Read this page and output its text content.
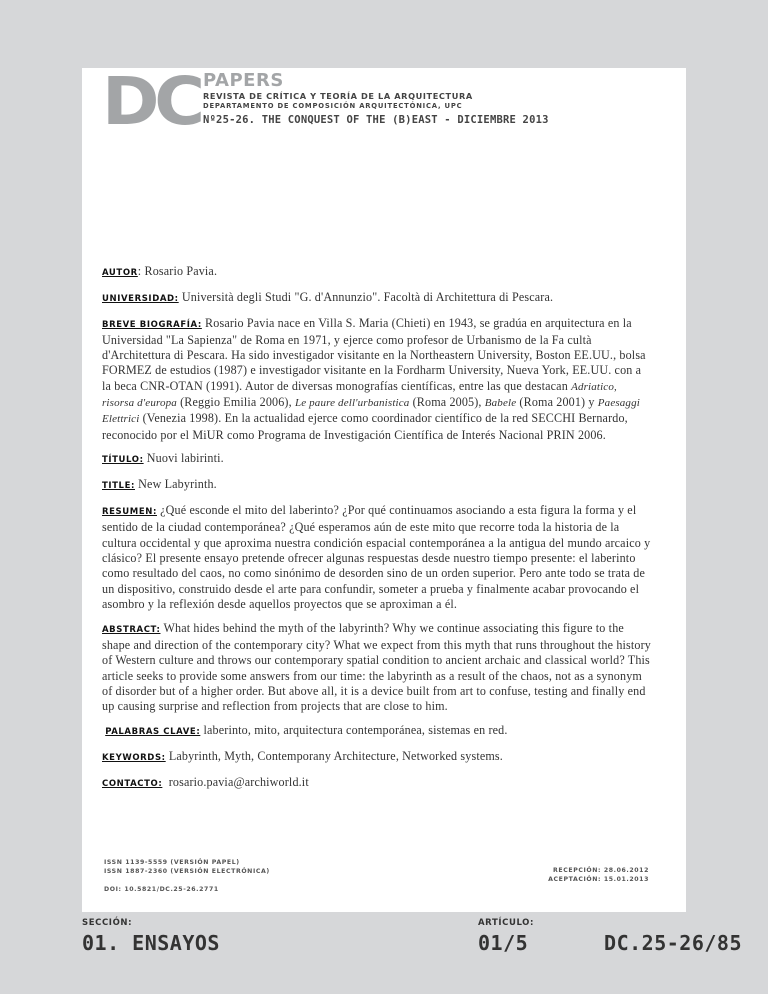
DC PAPERS
REVISTA DE CRÍTICA Y TEORÍA DE LA ARQUITECTURA
DEPARTAMENTO DE COMPOSICIÓN ARQUITECTÓNICA, UPC
Nº25-26. THE CONQUEST OF THE (B)EAST - DICIEMBRE 2013

AUTOR: Rosario Pavia.

UNIVERSIDAD: Università degli Studi "G. d'Annunzio". Facoltà di Architettura di Pescara.

BREVE BIOGRAFÍA: Rosario Pavia nace en Villa S. Maria (Chieti) en 1943, se gradúa en arquitectura en la Universidad "La Sapienza" de Roma en 1971, y ejerce como profesor de Urbanismo de la Fa cultà d'Architettura di Pescara. Ha sido investigador visitante en la Northeastern University, Boston EE.UU., bolsa FORMEZ de estudios (1987) e investigador visitante en la Fordharm University, Nueva York, EE.UU. con a la beca CNR-OTAN (1991). Autor de diversas monografías científicas, entre las que destacan Adriatico, risorsa d'europa (Reggio Emilia 2006), Le paure dell'urbanistica (Roma 2005), Babele (Roma 2001) y Paesaggi Elettrici (Venezia 1998). En la actualidad ejerce como coordinador científico de la red SECCHI Bernardo, reconocido por el MiUR como Programa de Investigación Científica de Interés Nacional PRIN 2006.

TÍTULO: Nuovi labirinti.

TITLE: New Labyrinth.

RESUMEN: ¿Qué esconde el mito del laberinto? ¿Por qué continuamos asociando a esta figura la forma y el sentido de la ciudad contemporánea? ¿Qué esperamos aún de este mito que recorre toda la historia de la cultura occidental y que aproxima nuestra condición espacial contemporánea a la antigua del mundo arcaico y clásico? El presente ensayo pretende ofrecer algunas respuestas desde nuestro tiempo presente: el laberinto como resultado del caos, no como sinónimo de desorden sino de un orden superior. Pero ante todo se trata de un dispositivo, construido desde el arte para confundir, someter a prueba y finalmente acabar provocando el asombro y la reflexión desde aquellos proyectos que se aproximan a él.

ABSTRACT: What hides behind the myth of the labyrinth? Why we continue associating this figure to the shape and direction of the contemporary city? What we expect from this myth that runs throughout the history of Western culture and throws our contemporary spatial condition to ancient archaic and classical world? This article seeks to provide some answers from our time: the labyrinth as a result of the chaos, not as a synonym of disorder but of a higher order. But above all, it is a device built from art to confuse, testing and finally end up causing surprise and reflection from projects that are close to him.

PALABRAS CLAVE: laberinto, mito, arquitectura contemporánea, sistemas en red.

KEYWORDS: Labyrinth, Myth, Contemporany Architecture, Networked systems.

CONTACTO: rosario.pavia@archiworld.it

ISSN 1139-5559 (VERSIÓN PAPEL)
ISSN 1887-2360 (VERSIÓN ELECTRÓNICA)
DOI: 10.5821/DC.25-26.2771
RECEPCIÓN: 28.06.2012
ACEPTACIÓN: 15.01.2013
SECCIÓN:
01. ENSAYOS
ARTÍCULO:
01/5	DC.25-26/85
